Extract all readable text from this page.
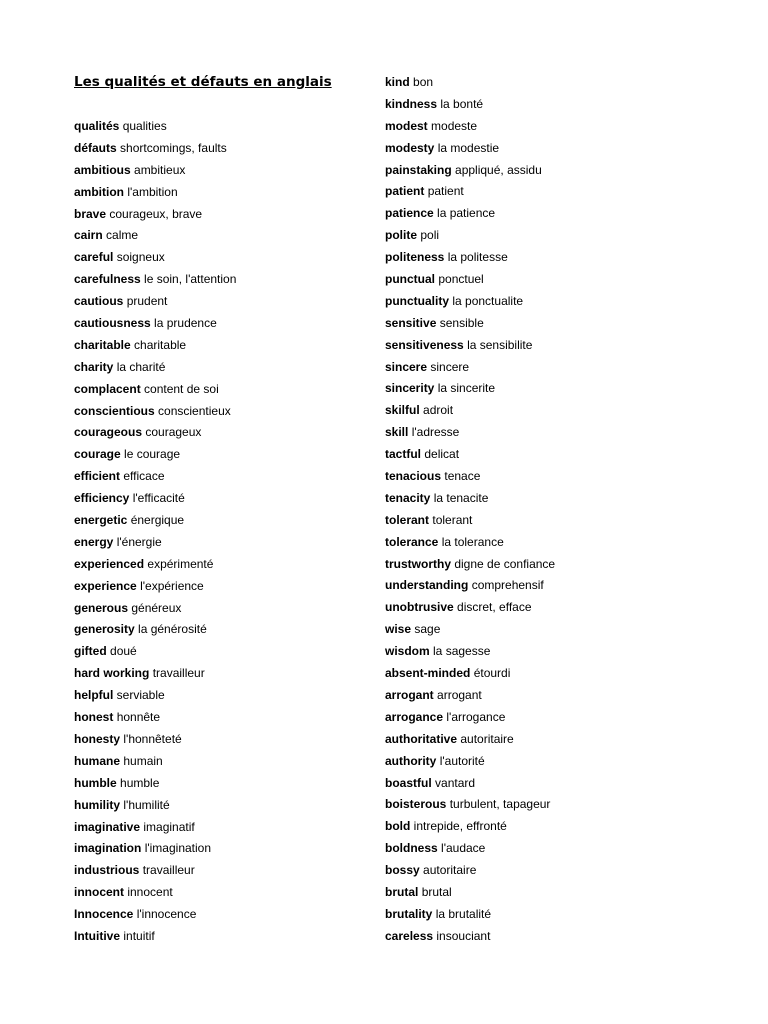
Les qualités et défauts en anglais
qualités qualities
défauts shortcomings, faults
ambitious ambitieux
ambition l'ambition
brave courageux, brave
cairn calme
careful soigneux
carefulness le soin, l'attention
cautious prudent
cautiousness la prudence
charitable charitable
charity la charité
complacent content de soi
conscientious conscientieux
courageous courageux
courage le courage
efficient efficace
efficiency l'efficacité
energetic énergique
energy l'énergie
experienced expérimenté
experience l'expérience
generous généreux
generosity la générosité
gifted doué
hard working travailleur
helpful serviable
honest honnête
honesty l'honnêteté
humane humain
humble humble
humility l'humilité
imaginative imaginatif
imagination l'imagination
industrious travailleur
innocent innocent
Innocence l'innocence
Intuitive intuitif
kind bon
kindness la bonté
modest modeste
modesty la modestie
painstaking appliqué, assidu
patient patient
patience la patience
polite poli
politeness la politesse
punctual ponctuel
punctuality la ponctualite
sensitive sensible
sensitiveness la sensibilite
sincere sincere
sincerity la sincerite
skilful adroit
skill l'adresse
tactful delicat
tenacious tenace
tenacity la tenacite
tolerant tolerant
tolerance la tolerance
trustworthy digne de confiance
understanding comprehensif
unobtrusive discret, efface
wise sage
wisdom la sagesse
absent-minded étourdi
arrogant arrogant
arrogance l'arrogance
authoritative autoritaire
authority l'autorité
boastful vantard
boisterous turbulent, tapageur
bold intrepide, effronté
boldness l'audace
bossy autoritaire
brutal brutal
brutality la brutalité
careless insouciant
